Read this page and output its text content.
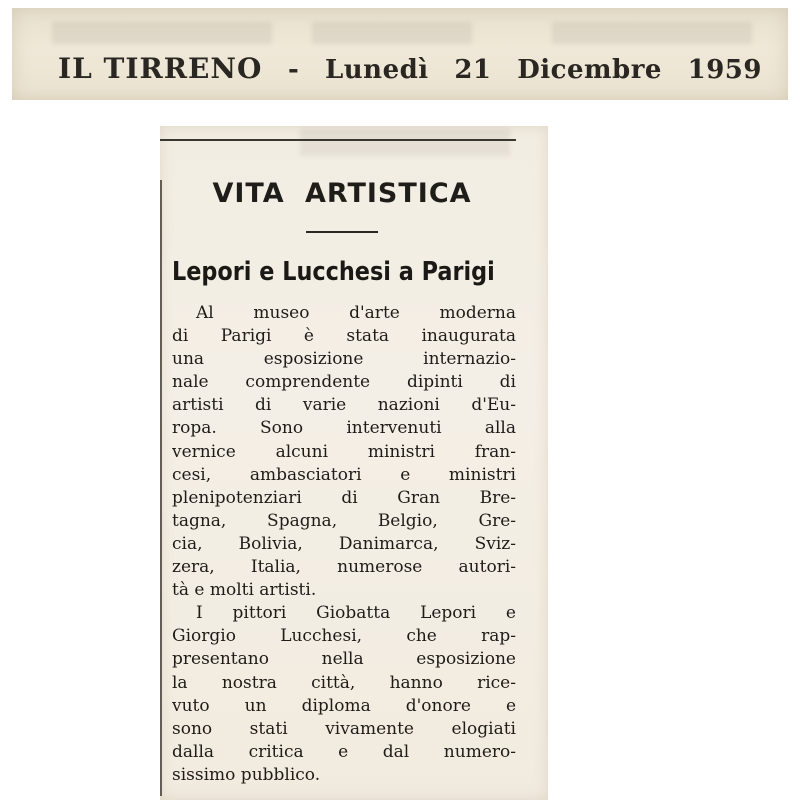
IL TIRRENO - Lunedì 21 Dicembre 1959
VITA ARTISTICA
Lepori e Lucchesi a Parigi
Al museo d'arte moderna
di Parigi è stata inaugurata
una esposizione internazio-
nale comprendente dipinti di
artisti di varie nazioni d'Eu-
ropa. Sono intervenuti alla
vernice alcuni ministri fran-
cesi, ambasciatori e ministri
plenipotenziari di Gran Bre-
tagna, Spagna, Belgio, Gre-
cia, Bolivia, Danimarca, Sviz-
zera, Italia, numerose autori-
tà e molti artisti.
I pittori Giobatta Lepori e
Giorgio Lucchesi, che rap-
presentano nella esposizione
la nostra città, hanno rice-
vuto un diploma d'onore e
sono stati vivamente elogiati
dalla critica e dal numero-
sissimo pubblico.
